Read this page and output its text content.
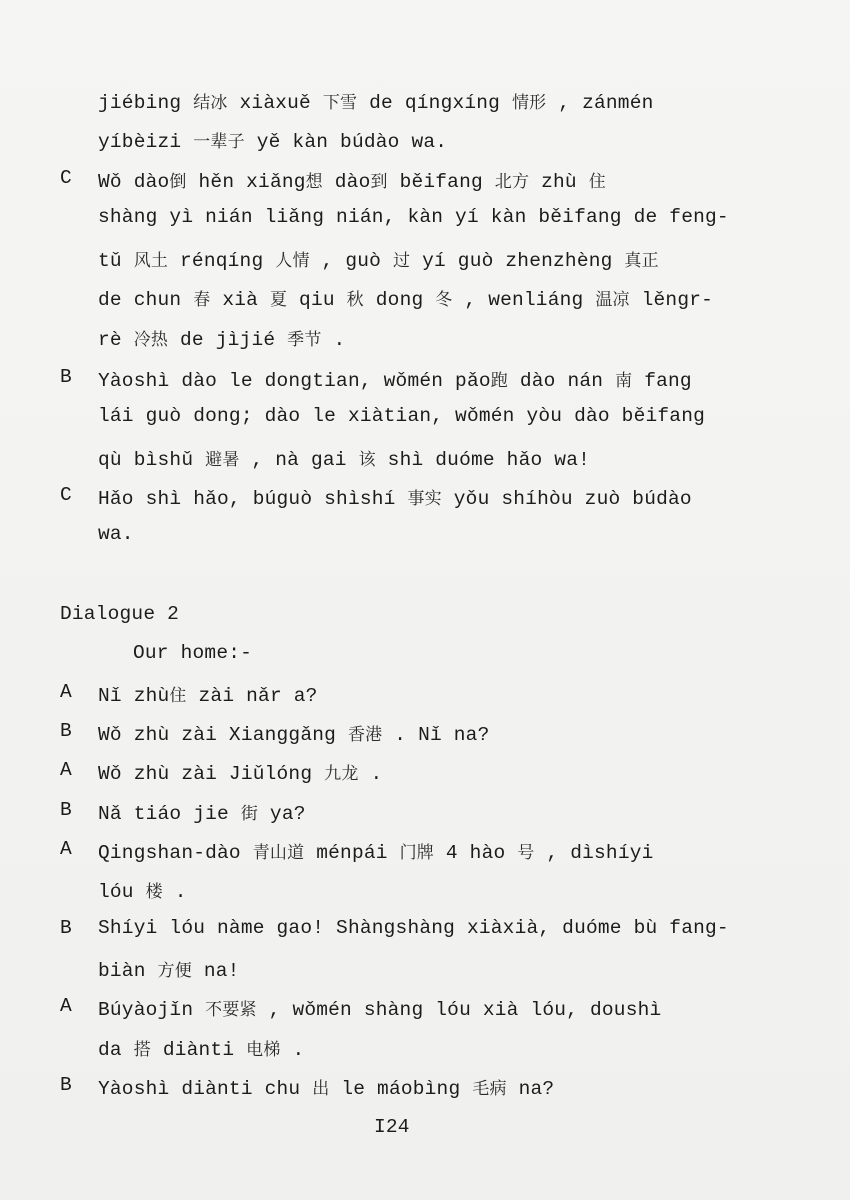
jiébing 结冰 xiàxuě 下雪 de qíngxíng 情形 , zánmén
yíbèizi 一辈子 yě kàn búdào wa.
C Wǒ dào倒 hěn xiǎng想 dào到 běifang 北方 zhù 住
shàng yì nián liǎng nián, kàn yí kàn běifang de feng-
tǔ 风土 rénqíng 人情 , guò 过 yí guò zhenzhèng 真正
de chun 春 xià 夏 qiu 秋 dong 冬 , wenliáng 温凉 lěngr-
rè 冷热 de jìjié 季节 .
B Yàoshì dào le dongtian, wǒmén pǎo跑 dào nán 南 fang
lái guò dong; dào le xiàtian, wǒmén yòu dào běifang
qù bìshǔ 避暑 , nà gai 该 shì duóme hǎo wa!
C Hǎo shì hǎo, búguò shìshí 事实 yǒu shíhòu zuò búdào
wa.
Dialogue 2
Our home:-
A Nǐ zhù住 zài nǎr a?
B Wǒ zhù zài Xianggǎng 香港 . Nǐ na?
A Wǒ zhù zài Jiǔlóng 九龙 .
B Nǎ tiáo jie 街 ya?
A Qingshan-dào 青山道 ménpái 门牌 4 hào 号 , dìshíyi
lóu 楼 .
B Shíyi lóu nàme gao! Shàngshàng xiàxià, duóme bù fang-
biàn 方便 na!
A Búyàojǐn 不要紧 , wǒmén shàng lóu xià lóu, doushì
da 搭 diànti 电梯 .
B Yàoshì diànti chu 出 le máobìng 毛病 na?
I24
